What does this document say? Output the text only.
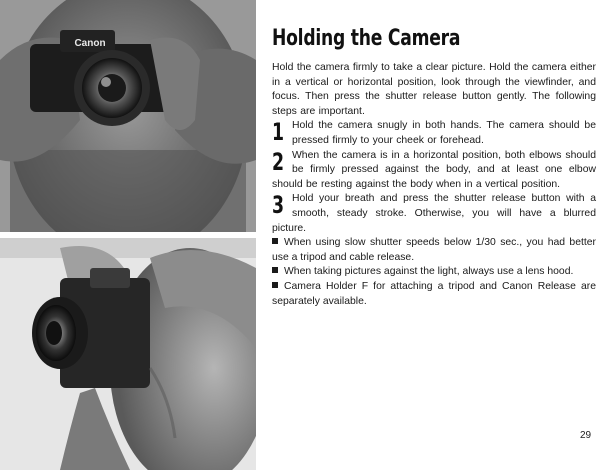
Canon	Holding the Camera

Hold the camera firmly to take a clear picture. Hold the camera either in a vertical or horizontal position, look through the viewfinder, and focus. Then press the shutter release button gently. The following steps are important.

1 Hold the camera snugly in both hands. The camera should be pressed firmly to your cheek or forehead.

2 When the camera is in a horizontal position, both elbows should be firmly pressed against the body, and at least one elbow should be resting against the body when in a vertical position.

3 Hold your breath and press the shutter release button with a smooth, steady stroke. Otherwise, you will have a blurred picture.

When using slow shutter speeds below 1/30 sec., you had better use a tripod and cable release.

When taking pictures against the light, always use a lens hood.

Camera Holder F for attaching a tripod and Canon Release are separately available.

29
